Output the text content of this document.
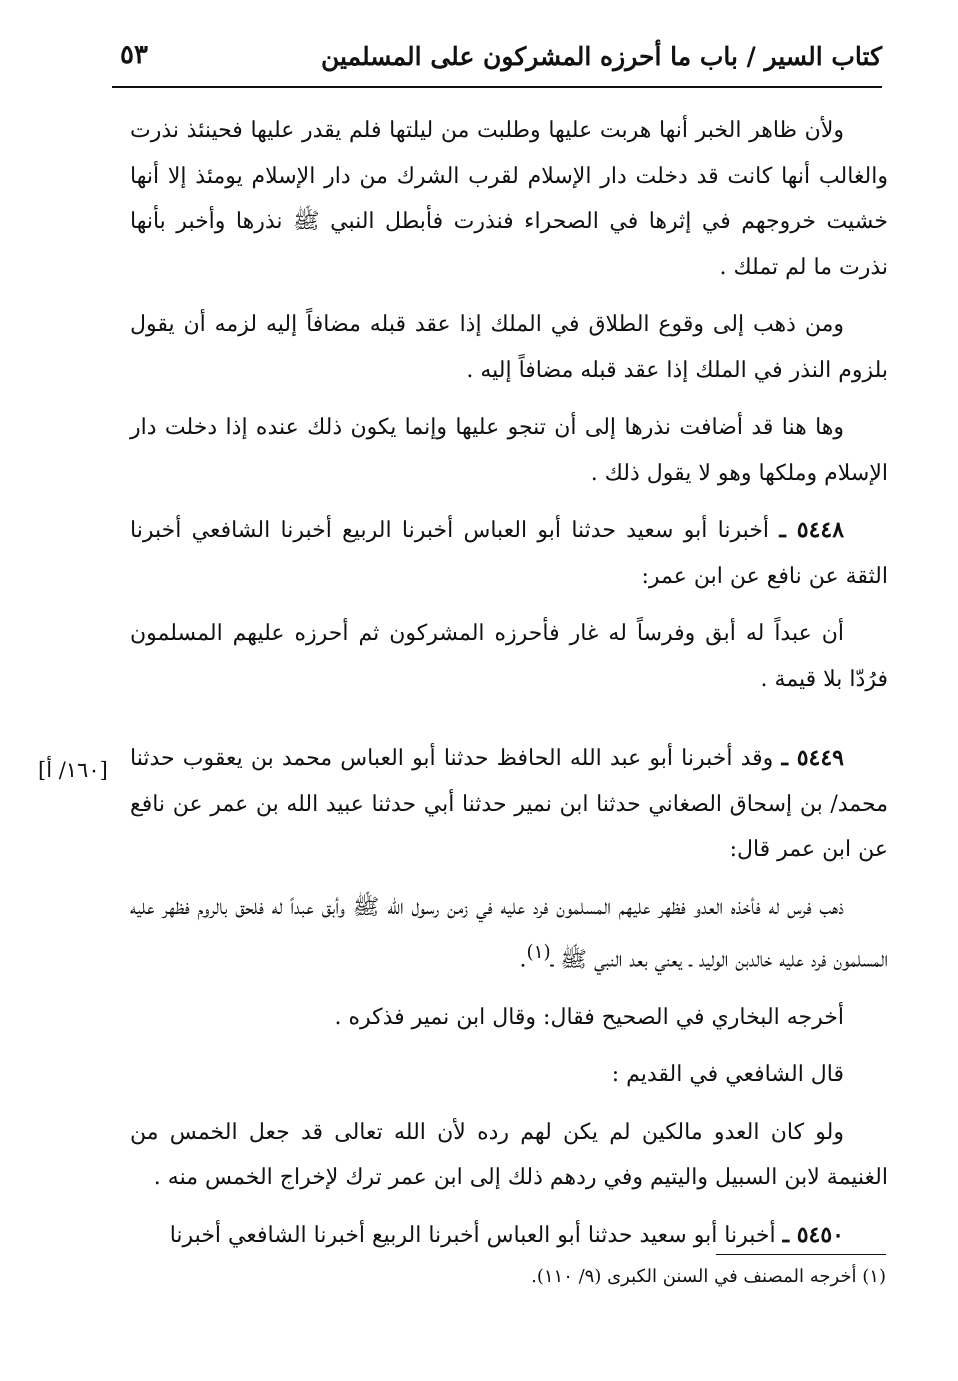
كتاب السير / باب ما أحرزه المشركون على المسلمين
٥٣

ولأن ظاهر الخبر أنها هربت عليها وطلبت من ليلتها فلم يقدر عليها فحينئذ نذرت والغالب أنها كانت قد دخلت دار الإسلام لقرب الشرك من دار الإسلام يومئذ إلا أنها خشيت خروجهم في إثرها في الصحراء فنذرت فأبطل النبي ﷺ نذرها وأخبر بأنها نذرت ما لم تملك .

ومن ذهب إلى وقوع الطلاق في الملك إذا عقد قبله مضافاً إليه لزمه أن يقول بلزوم النذر في الملك إذا عقد قبله مضافاً إليه .

وها هنا قد أضافت نذرها إلى أن تنجو عليها وإنما يكون ذلك عنده إذا دخلت دار الإسلام وملكها وهو لا يقول ذلك .

٥٤٤٨ ـ أخبرنا أبو سعيد حدثنا أبو العباس أخبرنا الربيع أخبرنا الشافعي أخبرنا الثقة عن نافع عن ابن عمر:

أن عبداً له أبق وفرساً له غار فأحرزه المشركون ثم أحرزه عليهم المسلمون فرُدّا بلا قيمة .

٥٤٤٩ ـ وقد أخبرنا أبو عبد الله الحافظ حدثنا أبو العباس محمد بن يعقوب حدثنا محمد/ بن إسحاق الصغاني حدثنا ابن نمير حدثنا أبي حدثنا عبيد الله بن عمر عن نافع عن ابن عمر قال:

ذهب فرس له فأخذه العدو فظهر عليهم المسلمون فرد عليه في زمن رسول الله ﷺ وأبق عبداً له فلحق بالروم فظهر عليه المسلمون فرد عليه خالدبن الوليد ـ يعني بعد النبي ﷺ ـ$^{(١)}$.

أخرجه البخاري في الصحيح فقال: وقال ابن نمير فذكره .

قال الشافعي في القديم :

ولو كان العدو مالكين لم يكن لهم رده لأن الله تعالى قد جعل الخمس من الغنيمة لابن السبيل واليتيم وفي ردهم ذلك إلى ابن عمر ترك لإخراج الخمس منه .

٥٤٥٠ ـ أخبرنا أبو سعيد حدثنا أبو العباس أخبرنا الربيع أخبرنا الشافعي أخبرنا

[١٦٠/ أ]
(١) أخرجه المصنف في السنن الكبرى (٩/ ١١٠).
